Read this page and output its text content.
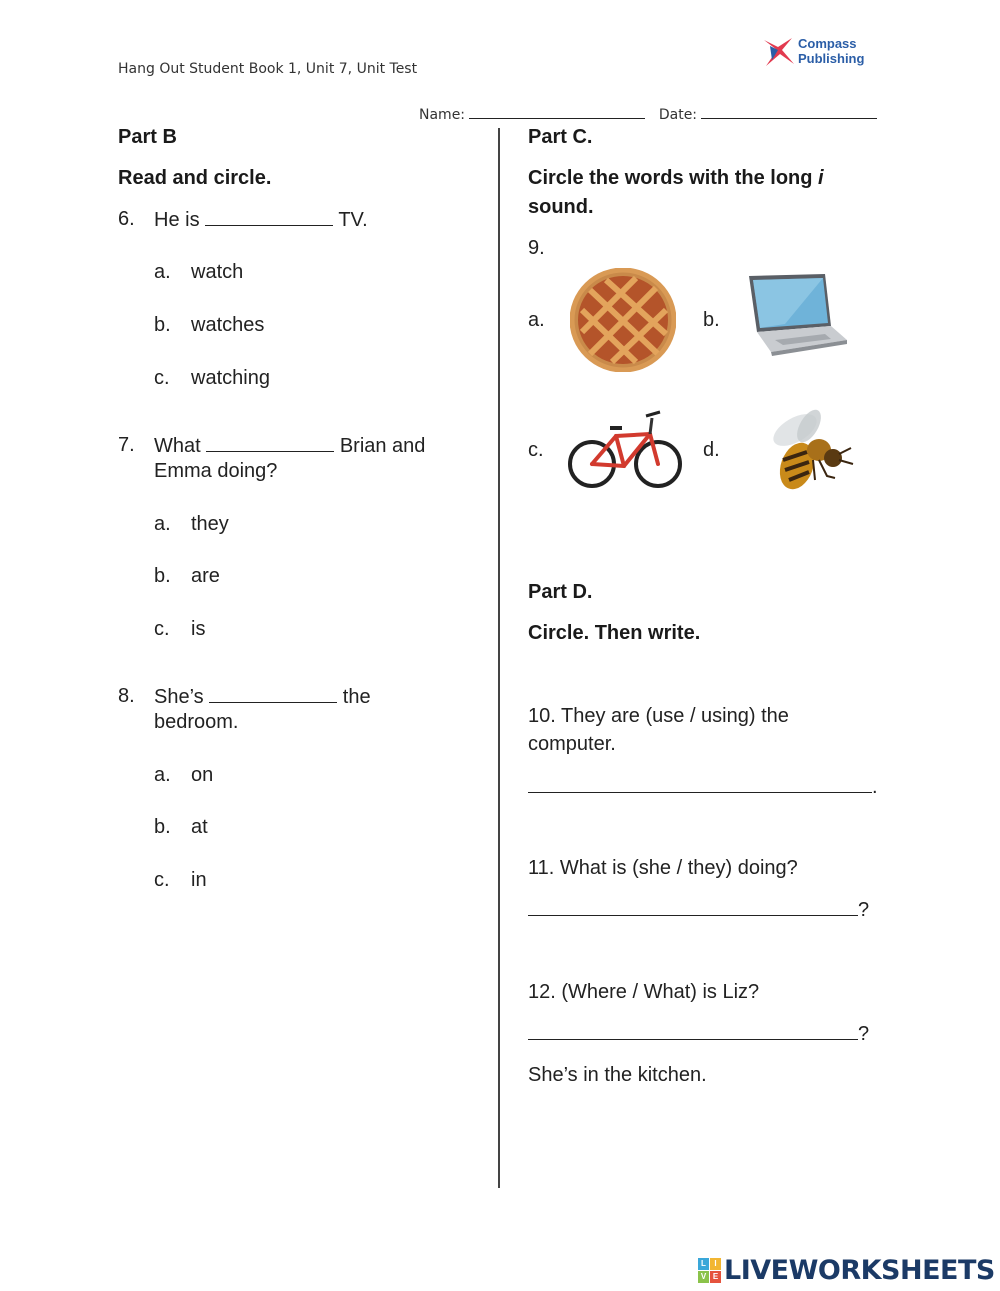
Hang Out Student Book 1, Unit 7, Unit Test
Compass
Publishing
Name:	Date:
Part B
Read and circle.
6. He is	TV.
a. watch
b. watches
c. watching
7. What	Brian and
Emma doing?
a. they
b. are
c. is
8. She’s	the
bedroom.
a. on
b. at
c. in
Part C.
Circle the words with the long i
sound.
9.
a.	b.
c.	d.
Part D.
Circle. Then write.
10. They are (use / using) the
computer.
.
11. What is (she / they) doing?
?
12. (Where / What) is Liz?
?
She’s in the kitchen.
L	I
V E LIVEWORKSHEETS
